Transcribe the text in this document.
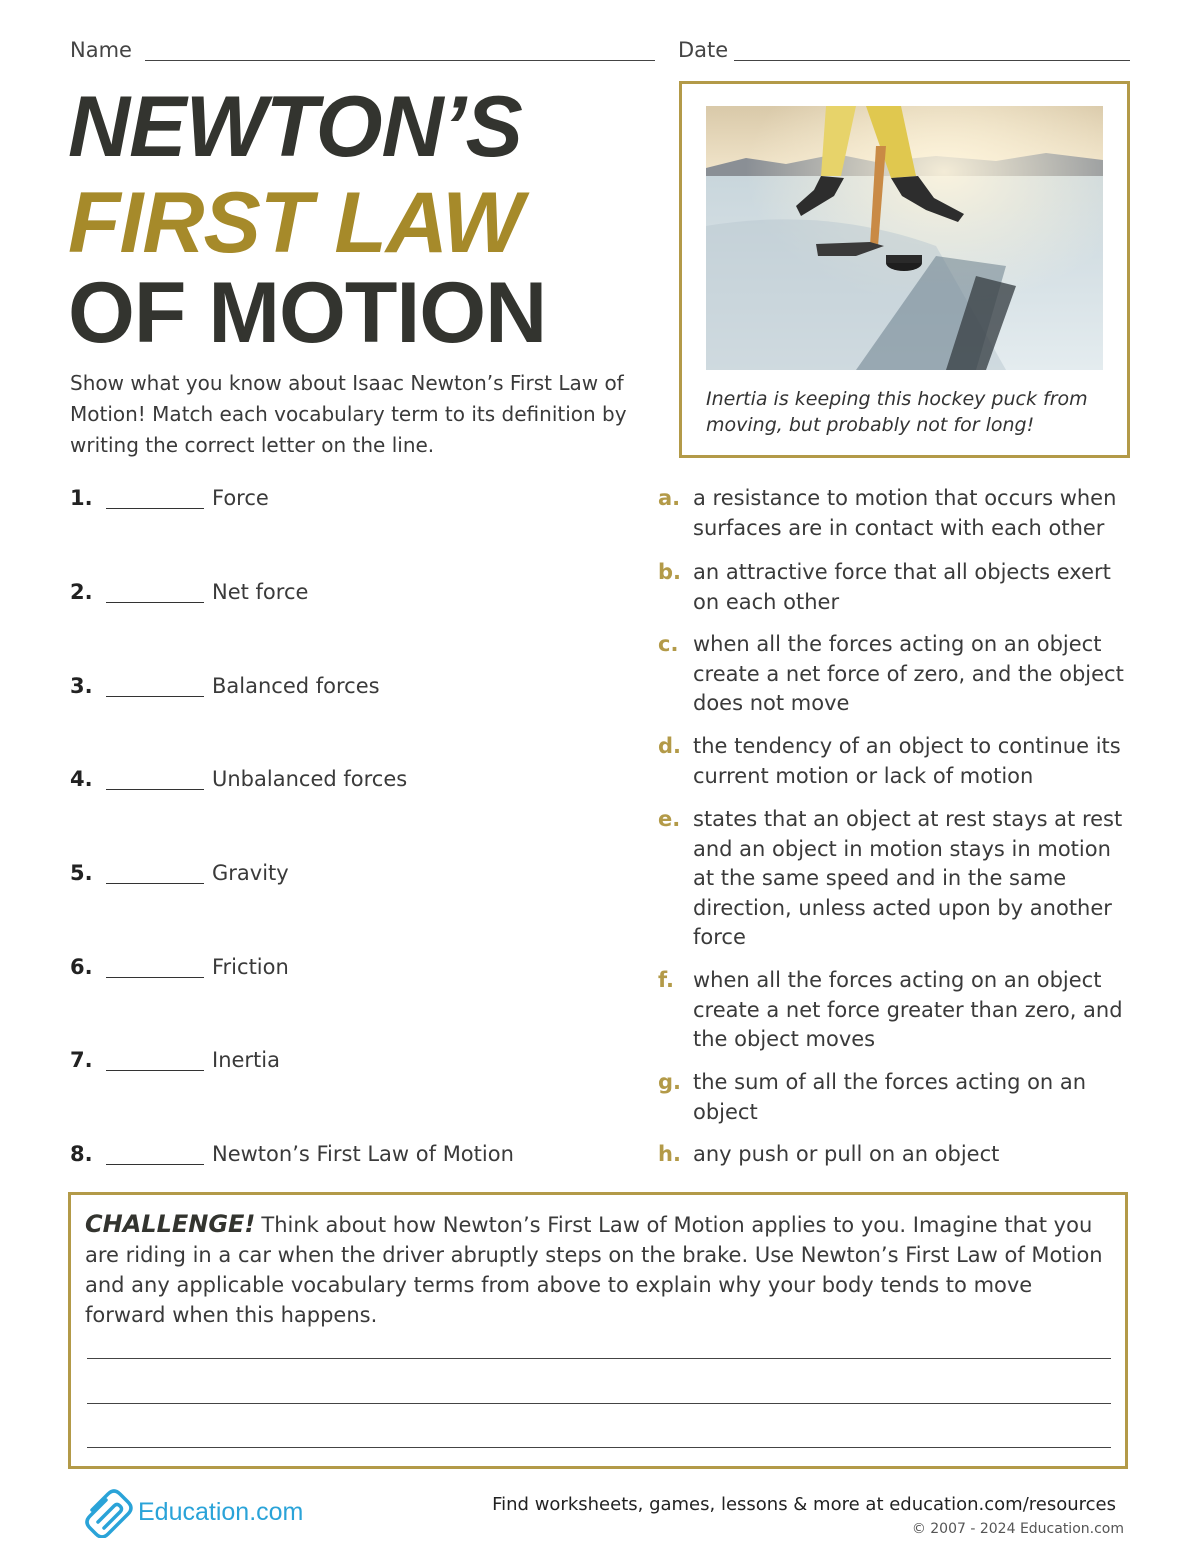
Name	Date
NEWTON’S
FIRST LAW
OF MOTION

Show what you know about Isaac Newton’s First Law of Motion! Match each vocabulary term to its definition by writing the correct letter on the line.

Inertia is keeping this hockey puck from moving, but probably not for long!

1.	Force
2.	Net force
3.	Balanced forces
4.	Unbalanced forces
5.	Gravity
6.	Friction
7.	Inertia
8.	Newton’s First Law of Motion
a. a resistance to motion that occurs when surfaces are in contact with each other
b. an attractive force that all objects exert on each other
c. when all the forces acting on an object create a net force of zero, and the object does not move
d. the tendency of an object to continue its current motion or lack of motion
e. states that an object at rest stays at rest and an object in motion stays in motion at the same speed and in the same direction, unless acted upon by another force
f. when all the forces acting on an object create a net force greater than zero, and the object moves
g. the sum of all the forces acting on an object
h. any push or pull on an object

CHALLENGE! Think about how Newton’s First Law of Motion applies to you. Imagine that you are riding in a car when the driver abruptly steps on the brake. Use Newton’s First Law of Motion and any applicable vocabulary terms from above to explain why your body tends to move forward when this happens.

Education.com	Find worksheets, games, lessons & more at education.com/resources
© 2007 - 2024 Education.com
